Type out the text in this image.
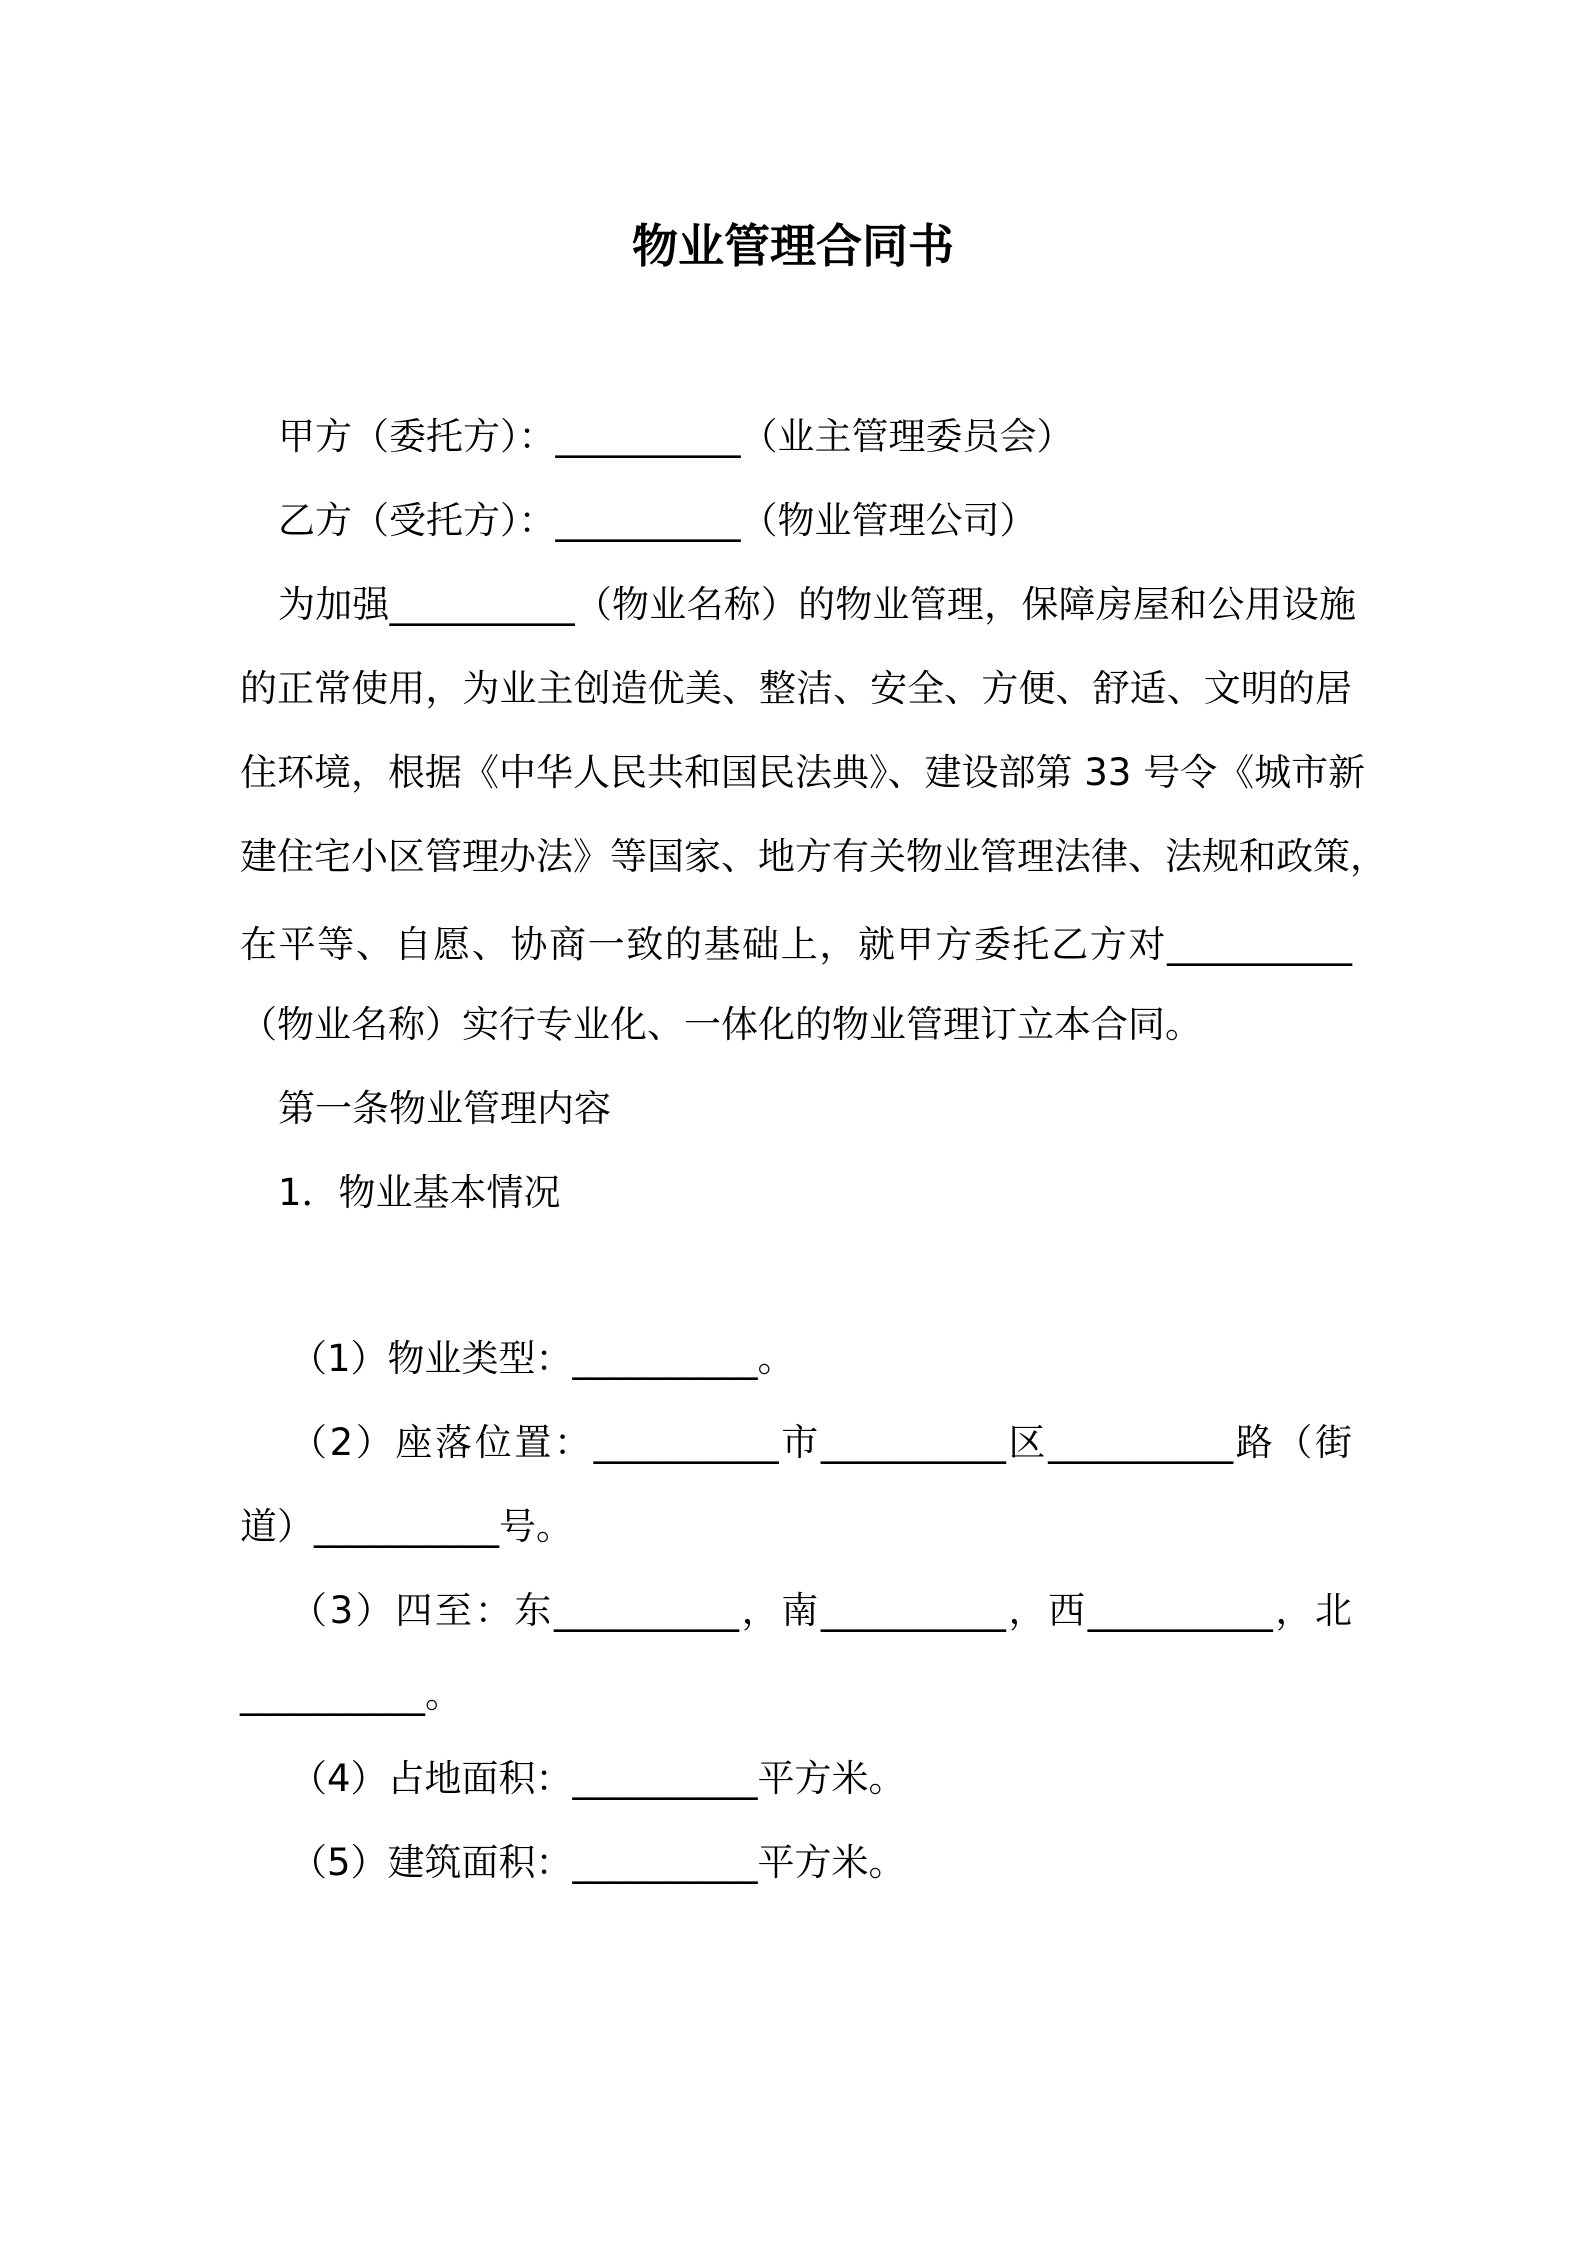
物业管理合同书
甲方（委托方）：__________（业主管理委员会）
乙方（受托方）：__________（物业管理公司）
为加强__________（物业名称）的物业管理，保障房屋和公用设施
的正常使用，为业主创造优美、整洁、安全、方便、舒适、文明的居
住环境，根据《中华人民共和国民法典》、建设部第 33 号令《城市新
建住宅小区管理办法》等国家、地方有关物业管理法律、法规和政策，
在平等、自愿、协商一致的基础上，就甲方委托乙方对__________
（物业名称）实行专业化、一体化的物业管理订立本合同。
第一条物业管理内容
1．物业基本情况
（1）物业类型：__________。
（2）座落位置：__________市__________区__________路（街
道）__________号。
（3）四至：东__________，南__________，西__________，北
__________。
（4）占地面积：__________平方米。
（5）建筑面积：__________平方米。
